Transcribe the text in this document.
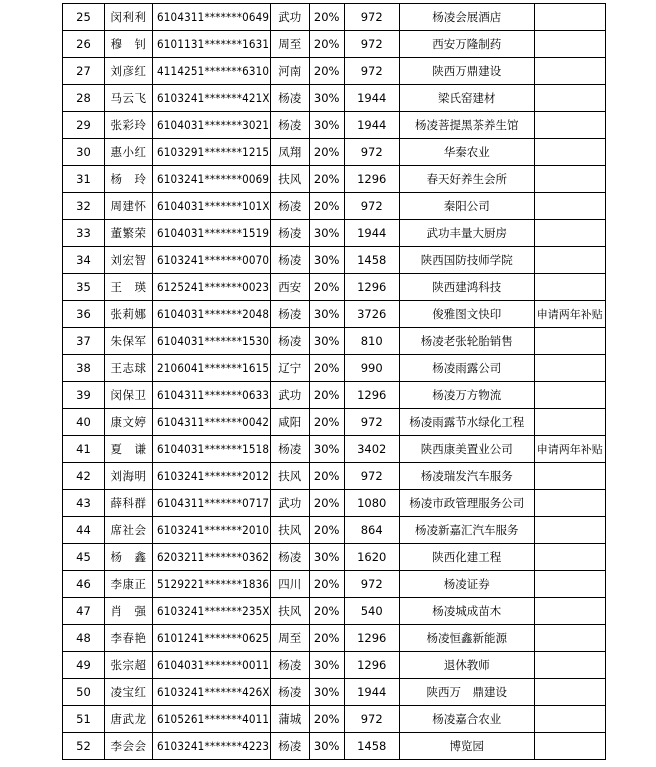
25	闵利利	6104311*******0649	武功	20%	972	杨凌会展酒店	
26	穆　钊	6101131*******1631	周至	20%	972	西安万隆制药	
27	刘彦红	4114251*******6310	河南	20%	972	陕西万鼎建设	
28	马云飞	6103241*******421X	杨凌	30%	1944	梁氏窑建材	
29	张彩玲	6104031*******3021	杨凌	30%	1944	杨凌菩提黑茶养生馆	
30	惠小红	6103291*******1215	凤翔	20%	972	华秦农业	
31	杨　玲	6103241*******0069	扶风	20%	1296	春天好养生会所	
32	周建怀	6104031*******101X	杨凌	20%	972	秦阳公司	
33	董繁荣	6104031*******1519	杨凌	30%	1944	武功丰量大厨房	
34	刘宏智	6103241*******0070	杨凌	30%	1458	陕西国防技师学院	
35	王　瑛	6125241*******0023	西安	20%	1296	陕西建鸿科技	
36	张莉娜	6104031*******2048	杨凌	30%	3726	俊雅图文快印	申请两年补贴
37	朱保军	6104031*******1530	杨凌	30%	810	杨凌老张轮胎销售	
38	王志球	2106041*******1615	辽宁	20%	990	杨凌雨露公司	
39	闵保卫	6104311*******0633	武功	20%	1296	杨凌万方物流	
40	康文婷	6104311*******0042	咸阳	20%	972	杨凌雨露节水绿化工程	
41	夏　谦	6104031*******1518	杨凌	30%	3402	陕西康美置业公司	申请两年补贴
42	刘海明	6103241*******2012	扶风	20%	972	杨凌瑞发汽车服务	
43	薛科群	6104311*******0717	武功	20%	1080	杨凌市政管理服务公司	
44	席社会	6103241*******2010	扶风	20%	864	杨凌新嘉汇汽车服务	
45	杨　鑫	6203211*******0362	杨凌	30%	1620	陕西化建工程	
46	李康正	5129221*******1836	四川	20%	972	杨凌证券	
47	肖　强	6103241*******235X	扶风	20%	540	杨凌城成苗木	
48	李春艳	6101241*******0625	周至	20%	1296	杨凌恒鑫新能源	
49	张宗超	6104031*******0011	杨凌	30%	1296	退休教师	
50	凌宝红	6103241*******426X	杨凌	30%	1944	陕西万　鼎建设	
51	唐武龙	6105261*******4011	蒲城	20%	972	杨凌嘉合农业	
52	李会会	6103241*******4223	杨凌	30%	1458	博览园	
